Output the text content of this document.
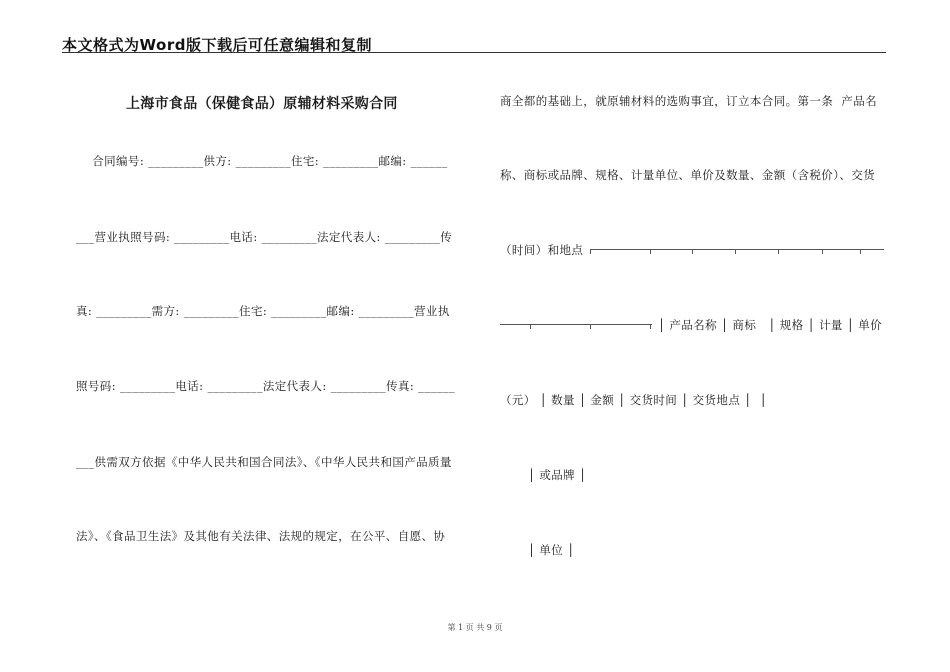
本文格式为Word版下载后可任意编辑和复制
上海市食品（保健食品）原辅材料采购合同
合同编号: _________供方: _________住宅: _________邮编: ______
___营业执照号码: _________电话: _________法定代表人: _________传
真: _________需方: _________住宅: _________邮编: _________营业执
照号码: _________电话: _________法定代表人: _________传真: ______
___供需双方依据《中华人民共和国合同法》、《中华人民共和国产品质量
法》、《食品卫生法》及其他有关法律、法规的规定，在公平、自愿、协
商全都的基础上，就原辅材料的选购事宜，订立本合同。第一条  产品名
称、商标或品牌、规格、计量单位、单价及数量、金额（含税价）、交货
（时间）和地点
│ 产品名称 │ 商标   │ 规格 │ 计量 │ 单价
（元） │ 数量 │ 金额 │ 交货时间 │ 交货地点 │  │
│ 或品牌 │
│ 单位 │
第 1 页 共 9 页
